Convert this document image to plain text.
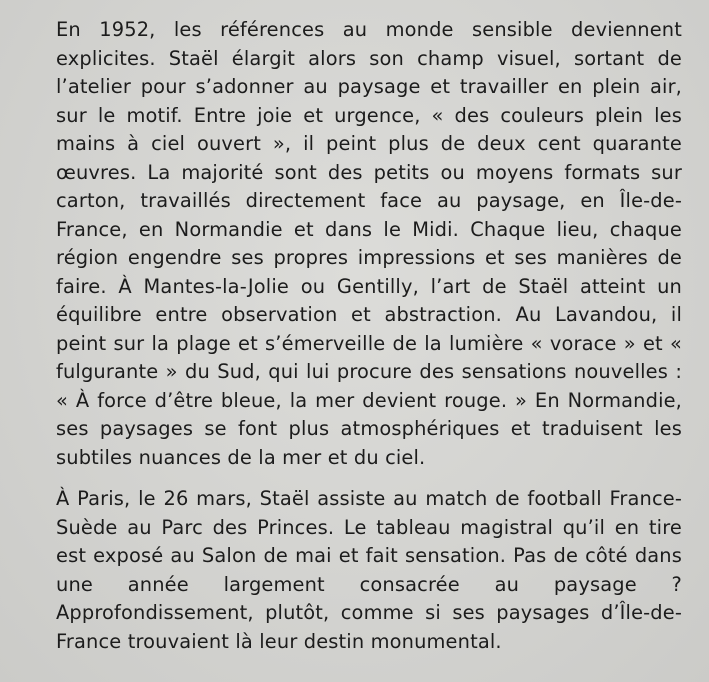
En 1952, les références au monde sensible deviennent explicites. Staël élargit alors son champ visuel, sortant de l’atelier pour s’adonner au paysage et travailler en plein air, sur le motif. Entre joie et urgence, « des couleurs plein les mains à ciel ouvert », il peint plus de deux cent quarante œuvres. La majorité sont des petits ou moyens formats sur carton, travaillés directement face au paysage, en Île-de-France, en Normandie et dans le Midi. Chaque lieu, chaque région engendre ses propres impressions et ses manières de faire. À Mantes-la-Jolie ou Gentilly, l’art de Staël atteint un équilibre entre observation et abstraction. Au Lavandou, il peint sur la plage et s’émerveille de la lumière « vorace » et « fulgurante » du Sud, qui lui procure des sensations nouvelles : « À force d’être bleue, la mer devient rouge. » En Normandie, ses paysages se font plus atmosphériques et traduisent les subtiles nuances de la mer et du ciel.

À Paris, le 26 mars, Staël assiste au match de football France-Suède au Parc des Princes. Le tableau magistral qu’il en tire est exposé au Salon de mai et fait sensation. Pas de côté dans une année largement consacrée au paysage ? Approfondissement, plutôt, comme si ses paysages d’Île-de-France trouvaient là leur destin monumental.
